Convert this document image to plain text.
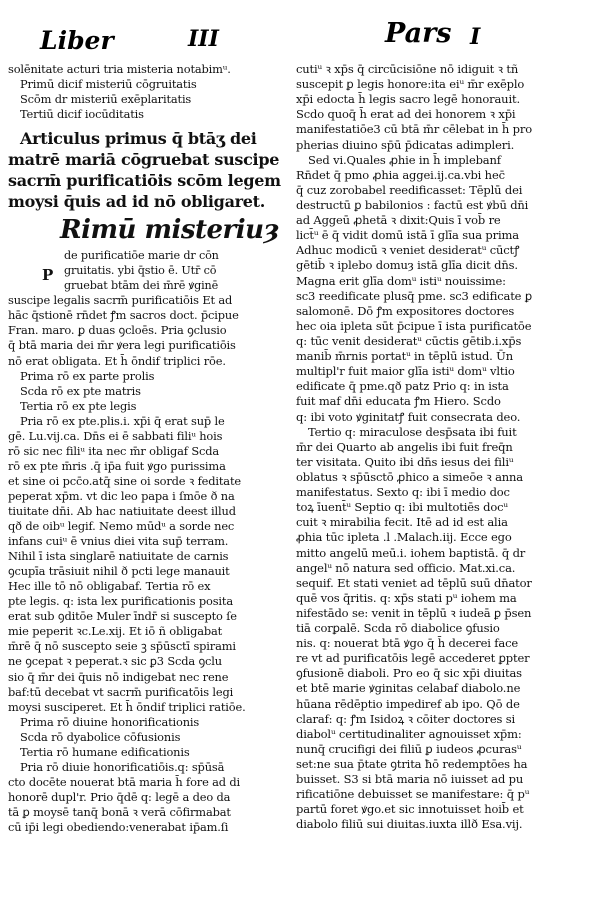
Liber	III	Pars I
solēnitate acturi tria misteria notabimᵘ.
Primū dicif misteriū cōgruitatis
Scōm dr misteriū exēplaritatis
Tertiū dicif iocūditatis
Articulus primus q̄ btāʒ dei
matrē mariā cōgruebat suscipe
sacrm̄ purificatiōis scōm legem
moysi q̄uis ad id nō obligaret.
Rimū misteriuȝ
P
de purificatiōe marie dr cōn
gruitatis. ybi q̄stio ē. Utr̄ cō
gruebat btām dei m̄rē ꝟginē
suscipe legalis sacrm̄ purificatiōis Et ad
hāc q̄stionē rn̄det ꝭm sacros doct. p̄cipue
Fran. maro. ꝑ duas ꝯcloēs. Pria ꝯclusio
q̄ btā maria dei m̄r ꝟera legi purificatiōis
nō erat obligata. Et h̄ ōndif triplici rōe.
Prima rō ex parte prolis
Scda rō ex pte matris
Tertia rō ex pte legis
Pria rō ex pte.plis.i. xp̄i q̄ erat sup̄ le
gē. Lu.vij.ca. Dn̄s ei ē sabbati filiᵘ hois
rō sic nec filiᵘ ita nec m̄r obligaf Scda
rō ex pte m̄ris .q̄ ip̄a fuit ꝟgo purissima
et sine oi pcc̄o.atq̄ sine oi sorde ꝛ feditate
peperat xp̄m. vt dic leo papa i ſmōe ð na
tiuitate dn̄i. Ab hac natiuitate deest illud
qð de oibᵘ legif. Nemo mūdᵘ a sorde nec
infans cuiᵘ ē vnius diei vita sup̄ terram.
Nihil ī ista singlarē natiuitate de carnis
ꝯcupīa trāsiuit nihil ð pcti lege manauit
Hec ille tō nō obligabaf. Tertia rō ex
pte legis. q: ista lex purificationis posita
erat sub ꝯditōe Muler īndr̄ si suscepto ſe
mie peperit ꝛc.Le.xij. Et iō ñ obligabat
m̄rē q̄ nō suscepto seie ꝫ sp̄ūsctī spirami
ne ꝯcepat ꝛ peperat.ꝛ sic ꝑ3 Scda ꝯclu
sio q̄ m̄r dei q̄uis nō indigebat nec rene
baf:tū decebat vt sacrm̄ purificatōis legi
moysi susciperet. Et h̄ ōndif triplici ratiōe.
Prima rō diuine honorificationis
Scda rō dyabolice cōfusionis
Tertia rō humane edificationis
Pria rō diuie honorificatiōis.q: sp̄ūsā
cto docēte nouerat btā maria h̄ fore ad di
honorē dupl'r. Prio q̄dē q: legē a deo da
tā ꝑ moysē tanq̄ bonā ꝛ verā cōfirmabat
cū ip̄i legi obediendo:venerabat ip̄am.ſi
cutiᵘ ꝛ xp̄s q̄ circūcisiōne nō idiguit ꝛ tñ
suscepit ꝑ legis honore:ita eiᵘ m̄r exēplo
xp̄i edocta h̄ legis sacro legē honorauit.
Scdo quoq̄ h̄ erat ad dei honorem ꝛ xp̄i
manifestatiōe3 cū btā m̄r cēlebat in h̄ pro
pherias diuino sp̄ū p̄dicatas adimpleri.
Sed vi.Quales ꝓhie in h̄ implebanf
Rn̄det q̄ pmo ꝓhia aggei.ij.ca.vbi hec̄
q̄ cuz zorobabel reedificasset: Tēplū dei
destructū ꝑ babilonios : factū est ꝟbū dn̄i
ad Aggeū ꝓhetā ꝛ dixit:Quis ī vob̄ re
lict̄ᵘ ē q̄ vidit domū istā ī glīa sua prima
Adhuc modicū ꝛ veniet desideratᵘ cūctꝭ
gētib̄ ꝛ iplebo domuȝ istā glīa dicit dn̄s.
Magna erit glīa domᵘ istiᵘ nouissime:
sc3 reedificate plusq̄ pme. sc3 edificate ꝑ
salomonē. Dō ꝭm expositores doctores
hec oia ipleta sūt p̄cipue ī ista purificatōe
q: tūc venit desideratᵘ cūctis gētib.i.xp̄s
manib̄ m̄rnis portatᵘ in tēplū istud. Ūn
multipl'r fuit maior glīa istiᵘ domᵘ vltio
edificate q̄ pme.qð patz Prio q: in ista
fuit maf dn̄i educata ꝭm Hiero. Scdo
q: ibi voto ꝟginitatꝭ fuit consecrata deo.
Tertio q: miraculose desp̄sata ibi fuit
m̄r dei Quarto ab angelis ibi fuit freq̄n
ter visitata. Quito ibi dn̄s iesus dei filiᵘ
oblatus ꝛ sp̄ūsctō ꝓhico a simeōe ꝛ anna
manifestatus. Sexto q: ibi ī medio doc
toꝝ īuent̄ᵘ Septio q: ibi multotiēs docᵘ
cuit ꝛ mirabilia fecit. Itē ad id est alia
ꝓhia tūc ipleta .l .Malach.iij. Ecce ego
mitto angelū meū.i. iohem baptistā. q̄ dr
angelᵘ nō natura sed officio. Mat.xi.ca.
sequif. Et stati veniet ad tēplū suū dn̄ator
quē vos q̄ritis. q: xp̄s stati pᵘ iohem ma
nifestādo se: venit in tēplū ꝛ iudeā ꝑ p̄sen
tiā corꝑalē. Scda rō diabolice ꝯfusio
nis. q: nouerat btā ꝟgo q̄ h̄ decerei face
re vt ad purificatōis legē accederet ꝑpter
ꝯfusionē diaboli. Pro eo q̄ sic xp̄i diuitas
et btē marie ꝟginitas celabaf diabolo.ne
hūana rēdēptio impediref ab ipo. Qō de
claraf: q: ꝭm Isidoꝝ ꝛ cōiter doctores si
diabolᵘ certitudinaliter agnouisset xp̄m:
nunq̄ crucifigi dei filiū ꝑ iudeos ꝓcurasᵘ
set:ne sua p̄tate ꝯtrita ħō redemptōes ha
buisset. S3 si btā maria nō iuisset ad pu
rificatiōne debuisset se manifestare: q̄ pᵘ
partū foret ꝟgo.et sic innotuisset hoib̄ et
diabolo filiū sui diuitas.iuxta illð Esa.vij.
